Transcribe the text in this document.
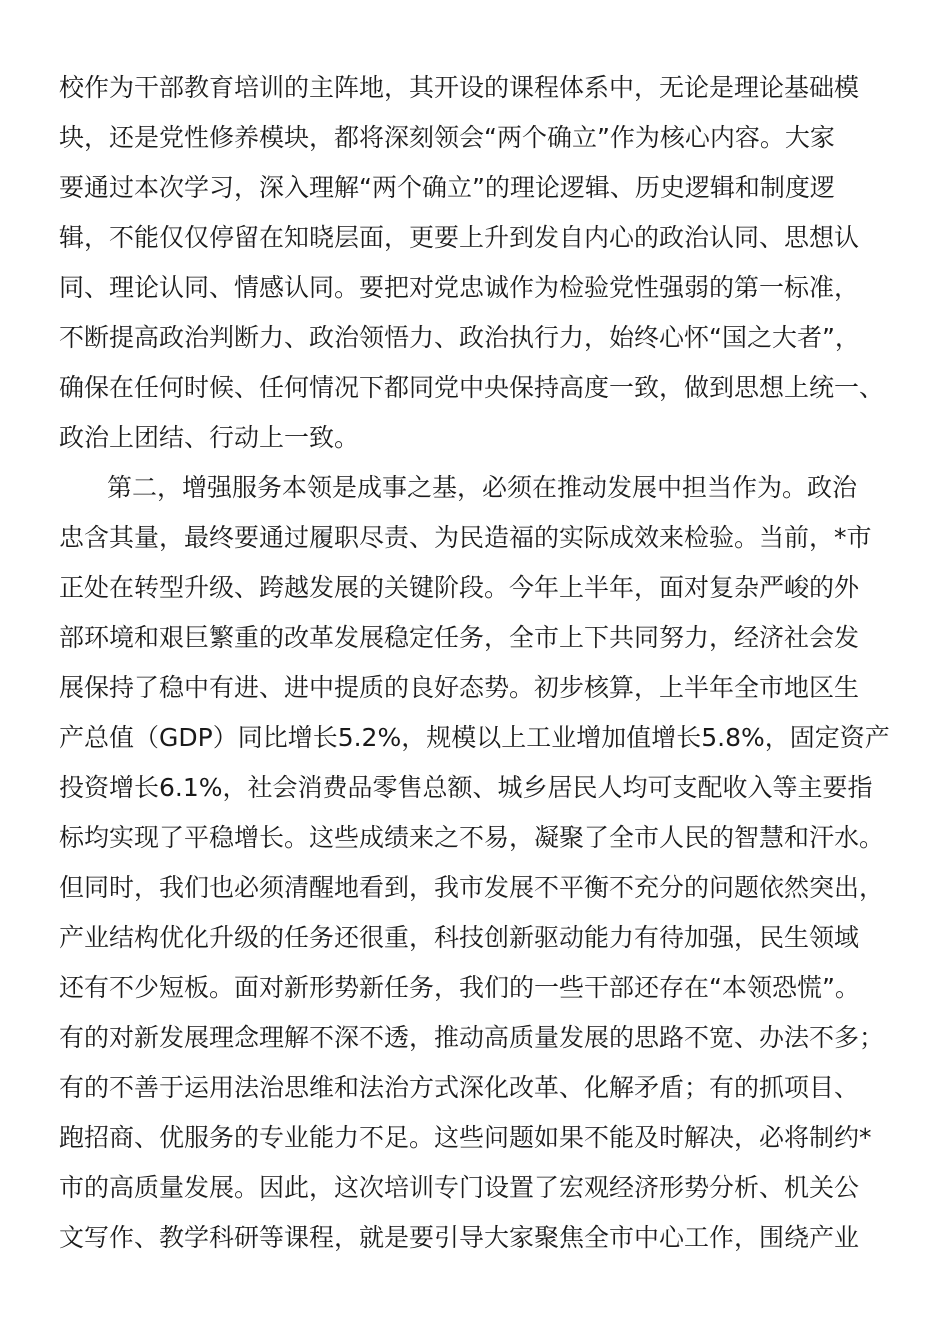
校作为干部教育培训的主阵地，其开设的课程体系中，无论是理论基础模
块，还是党性修养模块，都将深刻领会“两个确立”作为核心内容。大家
要通过本次学习，深入理解“两个确立”的理论逻辑、历史逻辑和制度逻
辑，不能仅仅停留在知晓层面，更要上升到发自内心的政治认同、思想认
同、理论认同、情感认同。要把对党忠诚作为检验党性强弱的第一标准，
不断提高政治判断力、政治领悟力、政治执行力，始终心怀“国之大者”，
确保在任何时候、任何情况下都同党中央保持高度一致，做到思想上统一、
政治上团结、行动上一致。
第二，增强服务本领是成事之基，必须在推动发展中担当作为。政治
忠含其量，最终要通过履职尽责、为民造福的实际成效来检验。当前，*市
正处在转型升级、跨越发展的关键阶段。今年上半年，面对复杂严峻的外
部环境和艰巨繁重的改革发展稳定任务，全市上下共同努力，经济社会发
展保持了稳中有进、进中提质的良好态势。初步核算，上半年全市地区生
产总值（GDP）同比增长5.2%，规模以上工业增加值增长5.8%，固定资产
投资增长6.1%，社会消费品零售总额、城乡居民人均可支配收入等主要指
标均实现了平稳增长。这些成绩来之不易，凝聚了全市人民的智慧和汗水。
但同时，我们也必须清醒地看到，我市发展不平衡不充分的问题依然突出，
产业结构优化升级的任务还很重，科技创新驱动能力有待加强，民生领域
还有不少短板。面对新形势新任务，我们的一些干部还存在“本领恐慌”。
有的对新发展理念理解不深不透，推动高质量发展的思路不宽、办法不多；
有的不善于运用法治思维和法治方式深化改革、化解矛盾；有的抓项目、
跑招商、优服务的专业能力不足。这些问题如果不能及时解决，必将制约*
市的高质量发展。因此，这次培训专门设置了宏观经济形势分析、机关公
文写作、教学科研等课程，就是要引导大家聚焦全市中心工作，围绕产业
